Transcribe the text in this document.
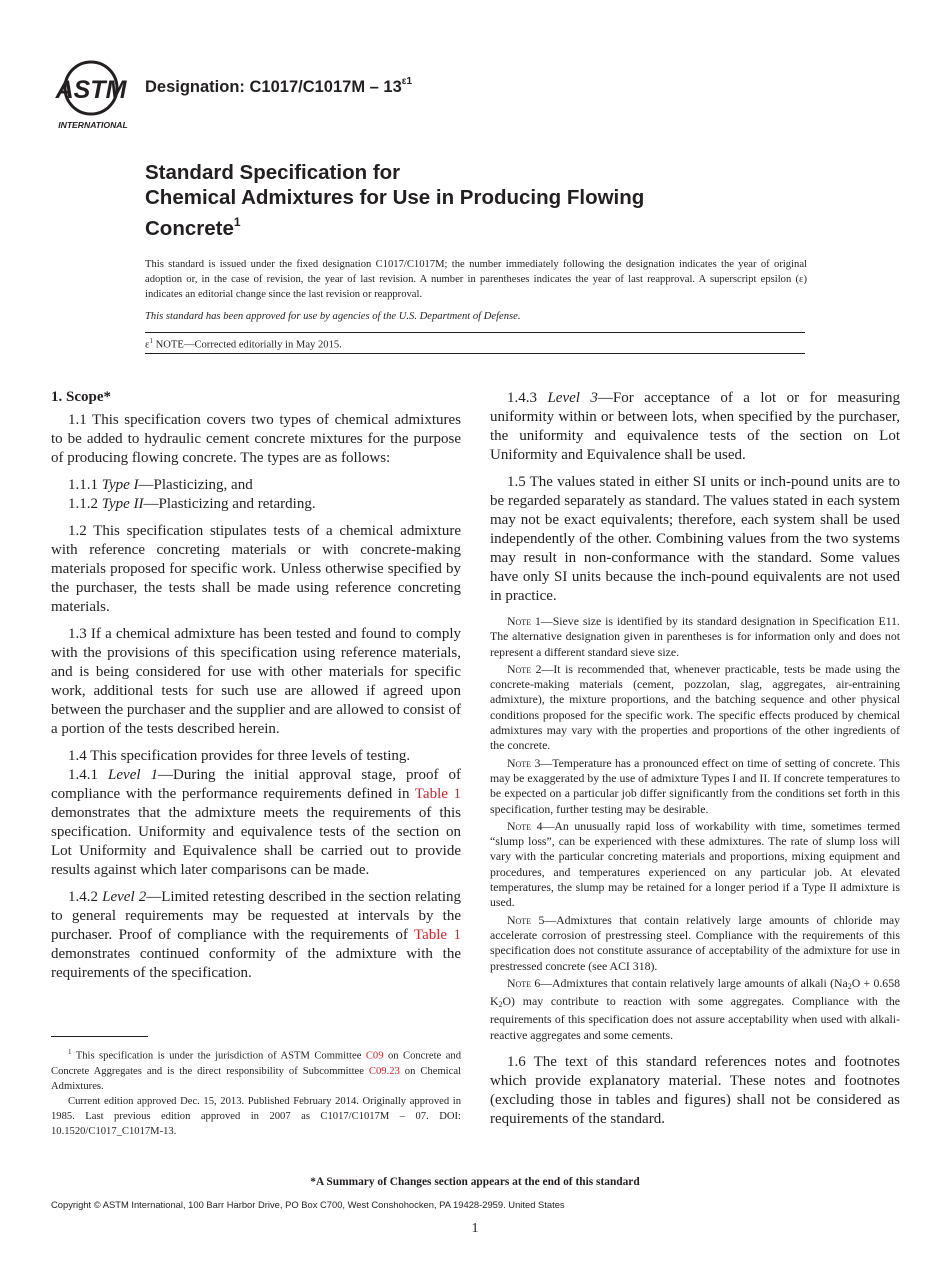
ASTM
INTERNATIONAL
Designation: $C1017/C1017M - 13^{\varepsilon 1}$
Standard Specification for
Chemical Admixtures for Use in Producing Flowing
Concrete$^1$
This standard is issued under the fixed designation C1017/C1017M; the number immediately following the designation indicates the year of original adoption or, in the case of revision, the year of last revision. A number in parentheses indicates the year of last reapproval. A superscript epsilon (ε) indicates an editorial change since the last revision or reapproval.
This standard has been approved for use by agencies of the U.S. Department of Defense.
$\varepsilon^1$ NOTE—Corrected editorially in May 2015.
1. Scope*

1.1 This specification covers two types of chemical admixtures to be added to hydraulic cement concrete mixtures for the purpose of producing flowing concrete. The types are as follows:

1.1.1 Type I—Plasticizing, and

1.1.2 Type II—Plasticizing and retarding.

1.2 This specification stipulates tests of a chemical admixture with reference concreting materials or with concrete-making materials proposed for specific work. Unless otherwise specified by the purchaser, the tests shall be made using reference concreting materials.

1.3 If a chemical admixture has been tested and found to comply with the provisions of this specification using reference materials, and is being considered for use with other materials for specific work, additional tests for such use are allowed if agreed upon between the purchaser and the supplier and are allowed to consist of a portion of the tests described herein.

1.4 This specification provides for three levels of testing.

1.4.1 Level 1—During the initial approval stage, proof of compliance with the performance requirements defined in Table 1 demonstrates that the admixture meets the requirements of this specification. Uniformity and equivalence tests of the section on Lot Uniformity and Equivalence shall be carried out to provide results against which later comparisons can be made.

1.4.2 Level 2—Limited retesting described in the section relating to general requirements may be requested at intervals by the purchaser. Proof of compliance with the requirements of Table 1 demonstrates continued conformity of the admixture with the requirements of the specification.

1.4.3 Level 3—For acceptance of a lot or for measuring uniformity within or between lots, when specified by the purchaser, the uniformity and equivalence tests of the section on Lot Uniformity and Equivalence shall be used.

1.5 The values stated in either SI units or inch-pound units are to be regarded separately as standard. The values stated in each system may not be exact equivalents; therefore, each system shall be used independently of the other. Combining values from the two systems may result in non-conformance with the standard. Some values have only SI units because the inch-pound equivalents are not used in practice.

Note 1—Sieve size is identified by its standard designation in Specification E11. The alternative designation given in parentheses is for information only and does not represent a different standard sieve size.

Note 2—It is recommended that, whenever practicable, tests be made using the concrete-making materials (cement, pozzolan, slag, aggregates, air-entraining admixture), the mixture proportions, and the batching sequence and other physical conditions proposed for the specific work. The specific effects produced by chemical admixtures may vary with the properties and proportions of the other ingredients of the concrete.

Note 3—Temperature has a pronounced effect on time of setting of concrete. This may be exaggerated by the use of admixture Types I and II. If concrete temperatures to be expected on a particular job differ significantly from the conditions set forth in this specification, further testing may be desirable.

Note 4—An unusually rapid loss of workability with time, sometimes termed “slump loss”, can be experienced with these admixtures. The rate of slump loss will vary with the particular concreting materials and proportions, mixing equipment and procedures, and temperatures experienced on any particular job. At elevated temperatures, the slump may be retained for a longer period if a Type II admixture is used.

Note 5—Admixtures that contain relatively large amounts of chloride may accelerate corrosion of prestressing steel. Compliance with the requirements of this specification does not constitute assurance of acceptability of the admixture for use in prestressed concrete (see ACI 318).

Note 6—Admixtures that contain relatively large amounts of alkali ($Na_2O + 0.658$ $K_2O$) may contribute to reaction with some aggregates. Compliance with the requirements of this specification does not assure acceptability when used with alkali-reactive aggregates and some cements.

1.6 The text of this standard references notes and footnotes which provide explanatory material. These notes and footnotes (excluding those in tables and figures) shall not be considered as requirements of the standard.

$^1$ This specification is under the jurisdiction of ASTM Committee C09 on Concrete and Concrete Aggregates and is the direct responsibility of Subcommittee C09.23 on Chemical Admixtures.

Current edition approved Dec. 15, 2013. Published February 2014. Originally approved in 1985. Last previous edition approved in 2007 as C1017/C1017M – 07. DOI: 10.1520/C1017_C1017M-13.

*A Summary of Changes section appears at the end of this standard
Copyright © ASTM International, 100 Barr Harbor Drive, PO Box C700, West Conshohocken, PA 19428-2959. United States
1
